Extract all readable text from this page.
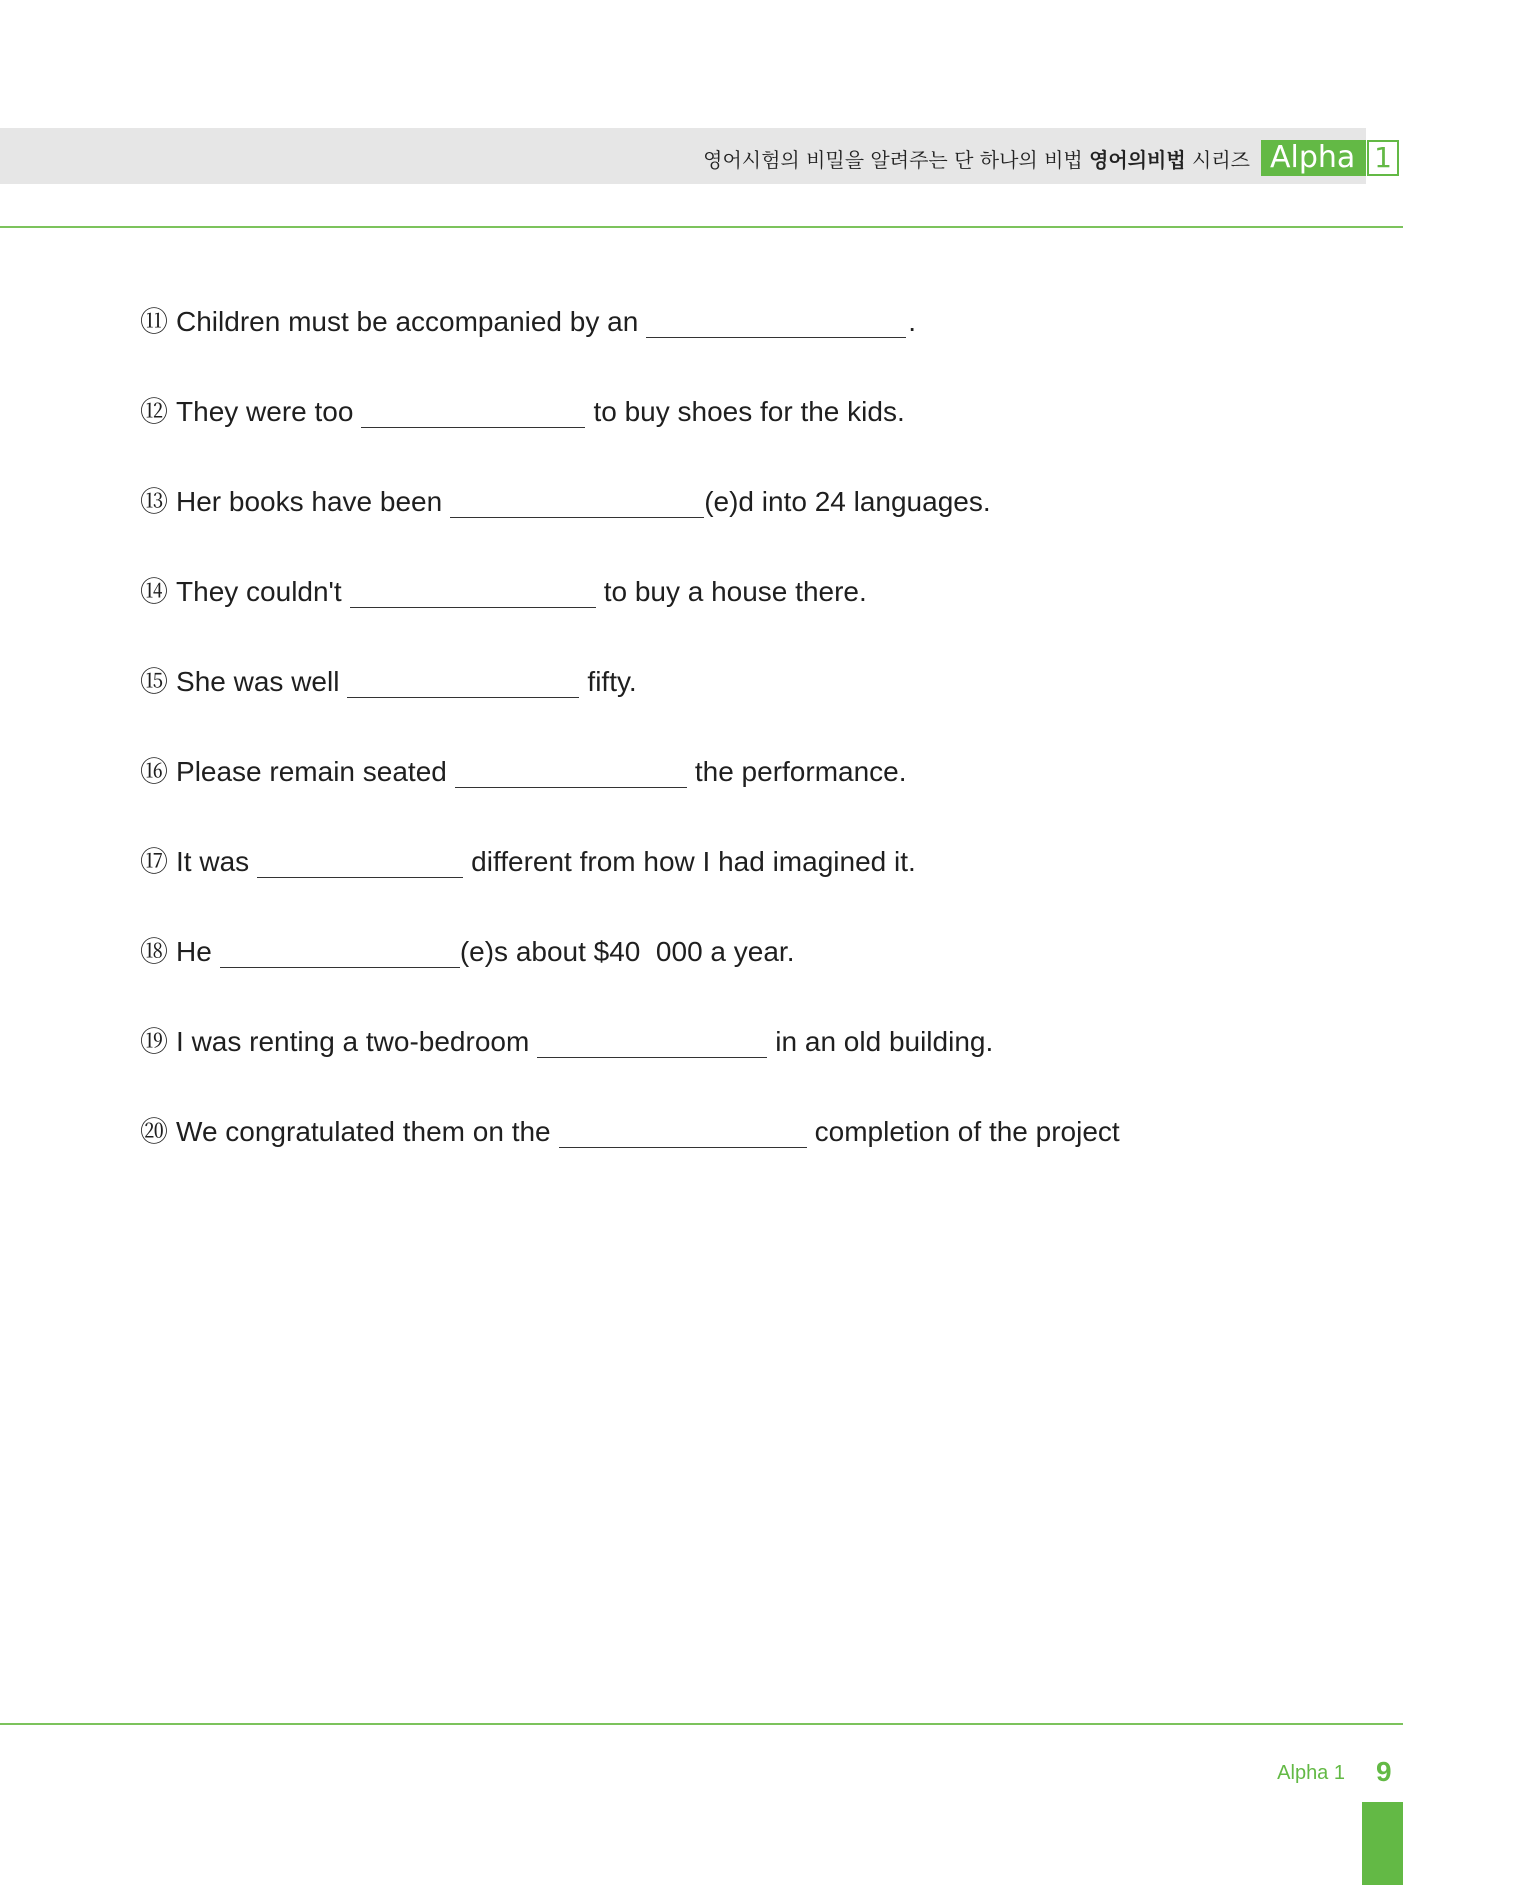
영어시험의 비밀을 알려주는 단 하나의 비법 영어의비법 시리즈 Alpha 1
⑪ Children must be accompanied by an	.
⑫ They were too	to buy shoes for the kids.
⑬ Her books have been	(e)d into 24 languages.
⑭ They couldn't	to buy a house there.
⑮ She was well	fifty.
⑯ Please remain seated	the performance.
⑰ It was	different from how I had imagined it.
⑱ He	(e)s about $40  000 a year.
⑲ I was renting a two-bedroom	in an old building.
⑳ We congratulated them on the	completion of the project
Alpha 1 9
